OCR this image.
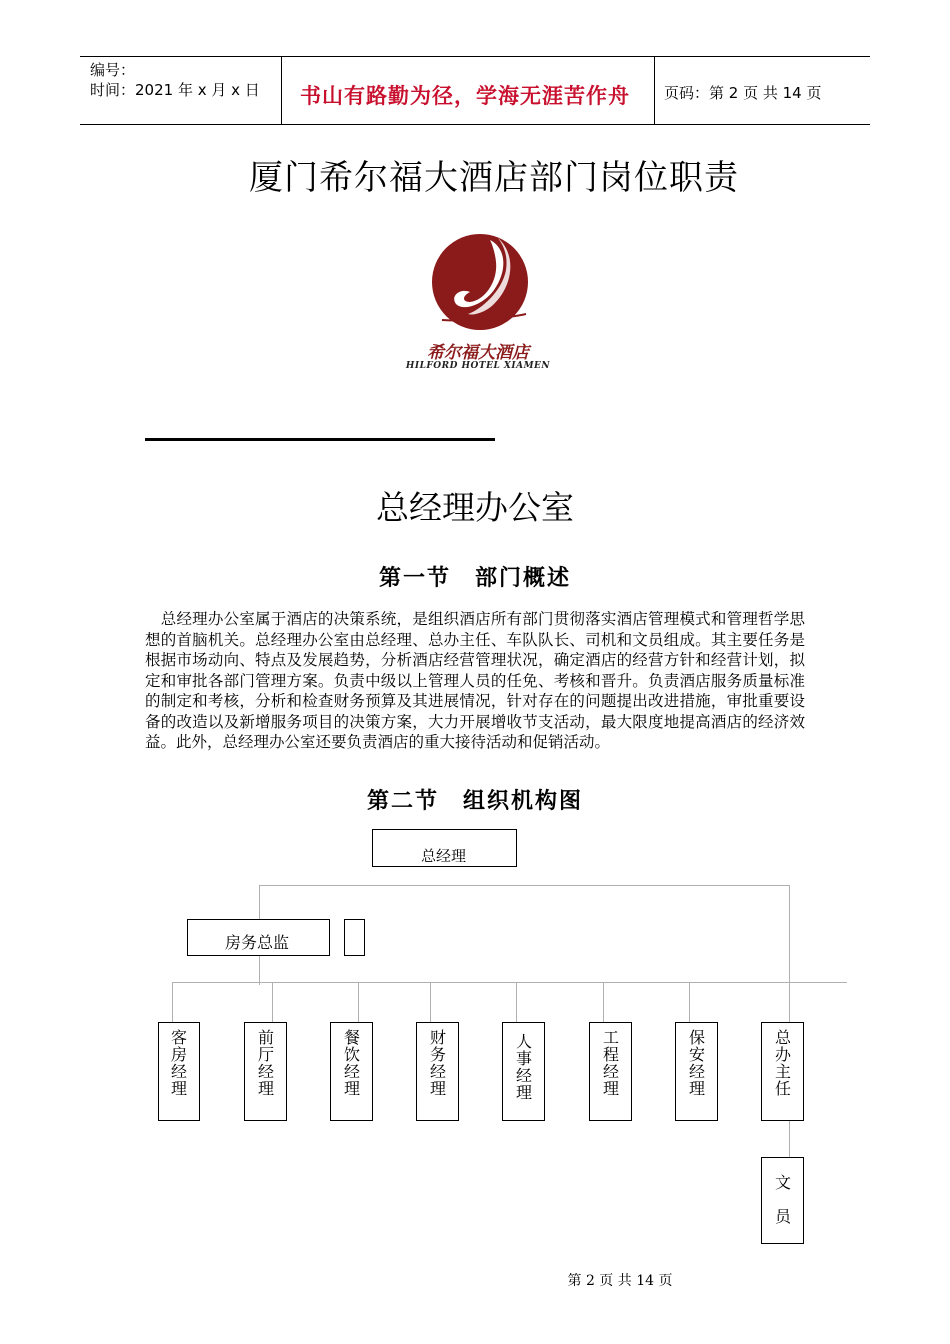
编号：
时间：2021 年 x 月 x 日 书山有路勤为径，学海无涯苦作舟 页码：第 2 页 共 14 页
厦门希尔福大酒店部门岗位职责
希尔福大酒店
HILFORD HOTEL XIAMEN
总经理办公室
第一节　部门概述
　总经理办公室属于酒店的决策系统，是组织酒店所有部门贯彻落实酒店管理模式和管理哲学思想的首脑机关。总经理办公室由总经理、总办主任、车队队长、司机和文员组成。其主要任务是根据市场动向、特点及发展趋势，分析酒店经营管理状况，确定酒店的经营方针和经营计划，拟定和审批各部门管理方案。负责中级以上管理人员的任免、考核和晋升。负责酒店服务质量标准的制定和考核，分析和检查财务预算及其进展情况，针对存在的问题提出改进措施，审批重要设备的改造以及新增服务项目的决策方案，大力开展增收节支活动，最大限度地提高酒店的经济效益。此外，总经理办公室还要负责酒店的重大接待活动和促销活动。
第二节　组织机构图
总经理
房务总监
客房经理
前厅经理
餐饮经理
财务经理
人事经理
工程经理
保安经理
总办主任
文员
第 2 页 共 14 页
